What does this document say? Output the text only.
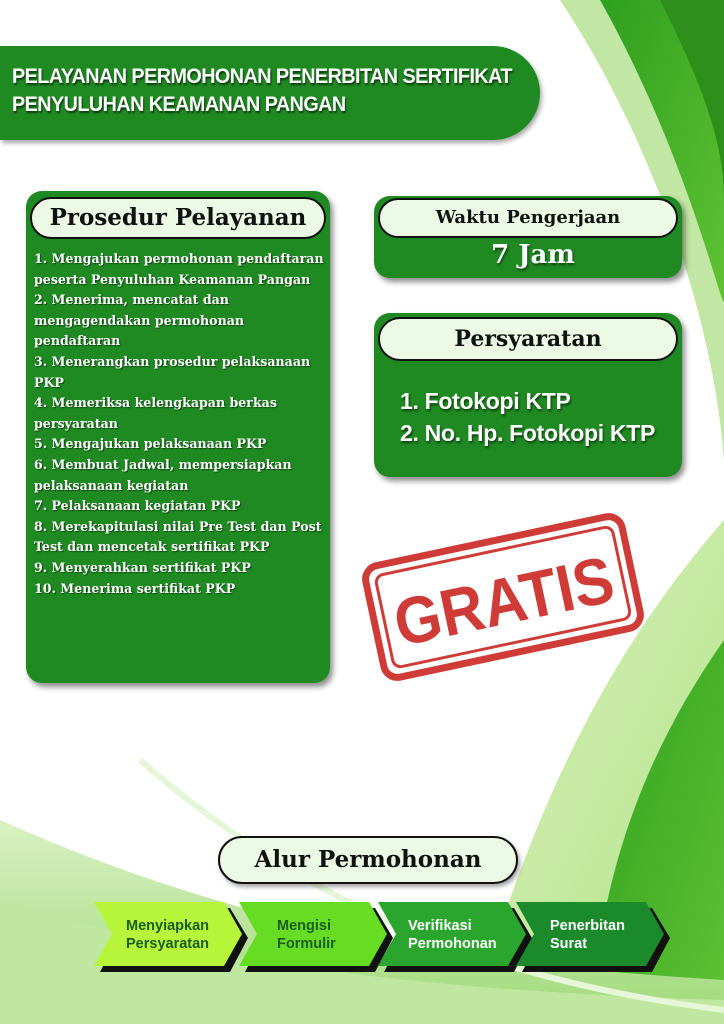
PELAYANAN PERMOHONAN PENERBITAN SERTIFIKAT
PENYULUHAN KEAMANAN PANGAN
Prosedur Pelayanan
1. Mengajukan permohonan pendaftaran peserta Penyuluhan Keamanan Pangan
2. Menerima, mencatat dan mengagendakan permohonan pendaftaran
3. Menerangkan prosedur pelaksanaan PKP
4. Memeriksa kelengkapan berkas persyaratan
5. Mengajukan pelaksanaan PKP
6. Membuat Jadwal, mempersiapkan pelaksanaan kegiatan
7. Pelaksanaan kegiatan PKP
8. Merekapitulasi nilai Pre Test dan Post Test dan mencetak sertifikat PKP
9. Menyerahkan sertifikat PKP
10. Menerima sertifikat PKP
Waktu Pengerjaan
7 Jam
Persyaratan
1. Fotokopi KTP
2. No. Hp. Fotokopi KTP
GRATIS
Alur Permohonan
Menyiapkan
Persyaratan
Mengisi
Formulir
Verifikasi
Permohonan
Penerbitan
Surat
